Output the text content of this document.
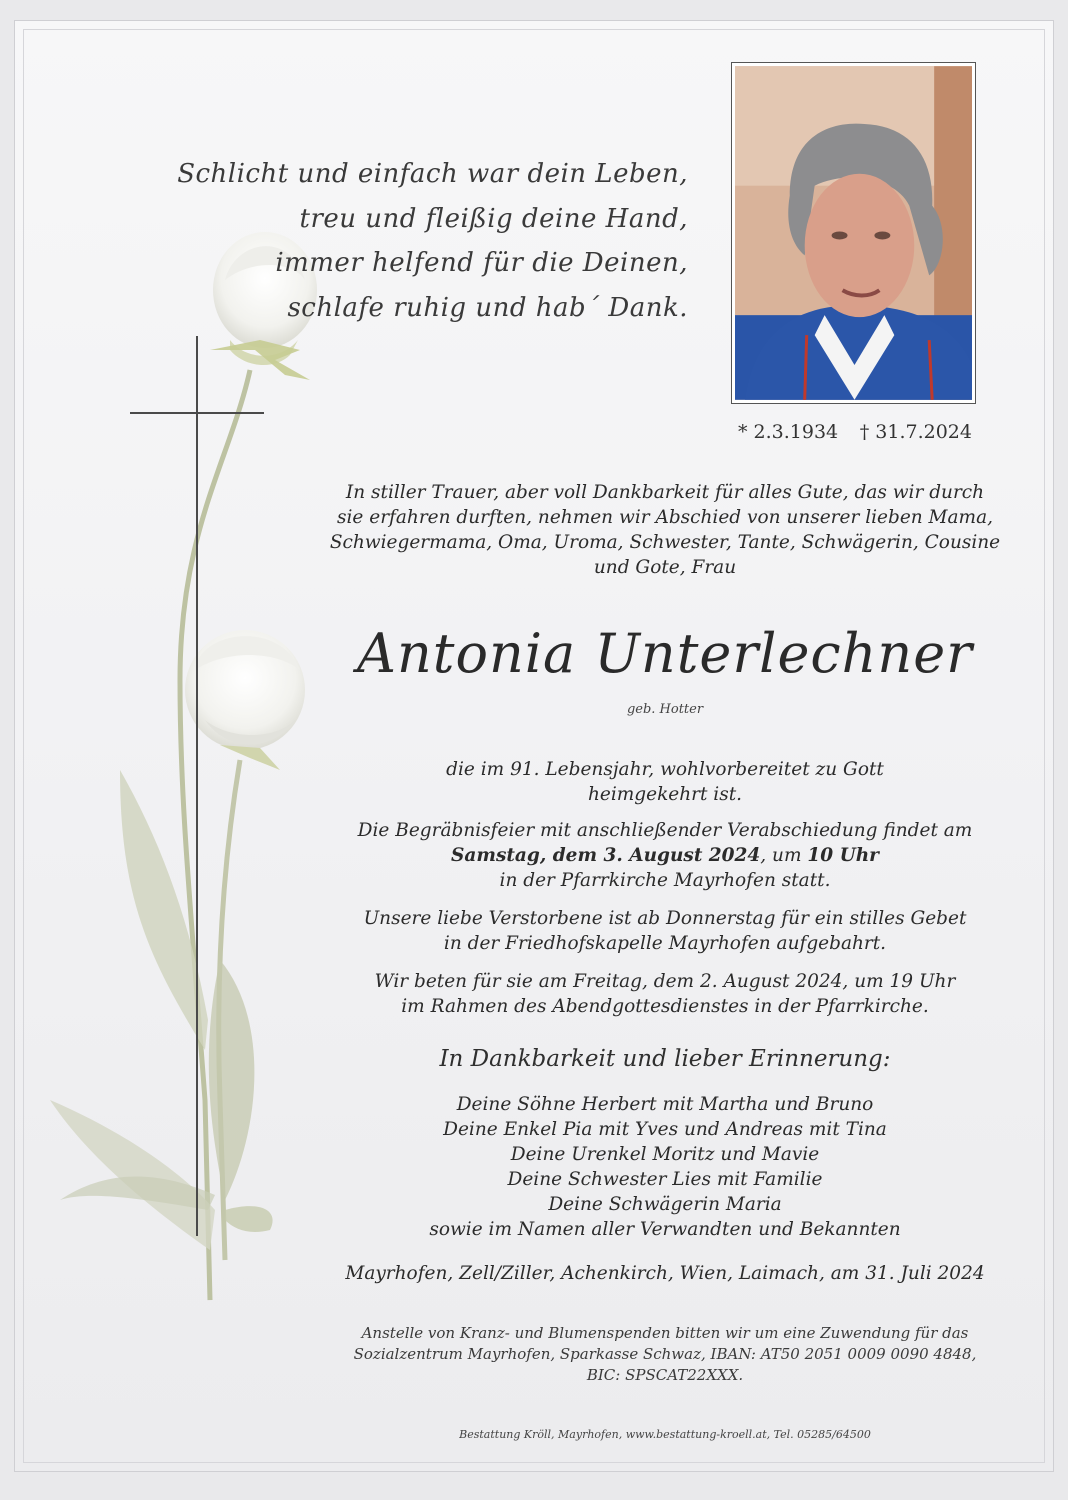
Schlicht und einfach war dein Leben,
treu und fleißig deine Hand,
immer helfend für die Deinen,
schlafe ruhig und hab´ Dank.
* 2.3.1934 † 31.7.2024
In stiller Trauer, aber voll Dankbarkeit für alles Gute, das wir durch
sie erfahren durften, nehmen wir Abschied von unserer lieben Mama,
Schwiegermama, Oma, Uroma, Schwester, Tante, Schwägerin, Cousine
und Gote, Frau
Antonia Unterlechner
geb. Hotter
die im 91. Lebensjahr, wohlvorbereitet zu Gott
heimgekehrt ist.
Die Begräbnisfeier mit anschließender Verabschiedung findet am
Samstag, dem 3. August 2024, um 10 Uhr
in der Pfarrkirche Mayrhofen statt.
Unsere liebe Verstorbene ist ab Donnerstag für ein stilles Gebet
in der Friedhofskapelle Mayrhofen aufgebahrt.
Wir beten für sie am Freitag, dem 2. August 2024, um 19 Uhr
im Rahmen des Abendgottesdienstes in der Pfarrkirche.
In Dankbarkeit und lieber Erinnerung:
Deine Söhne Herbert mit Martha und Bruno
Deine Enkel Pia mit Yves und Andreas mit Tina
Deine Urenkel Moritz und Mavie
Deine Schwester Lies mit Familie
Deine Schwägerin Maria
sowie im Namen aller Verwandten und Bekannten
Mayrhofen, Zell/Ziller, Achenkirch, Wien, Laimach, am 31. Juli 2024
Anstelle von Kranz- und Blumenspenden bitten wir um eine Zuwendung für das
Sozialzentrum Mayrhofen, Sparkasse Schwaz, IBAN: AT50 2051 0009 0090 4848,
BIC: SPSCAT22XXX.
Bestattung Kröll, Mayrhofen, www.bestattung-kroell.at, Tel. 05285/64500
